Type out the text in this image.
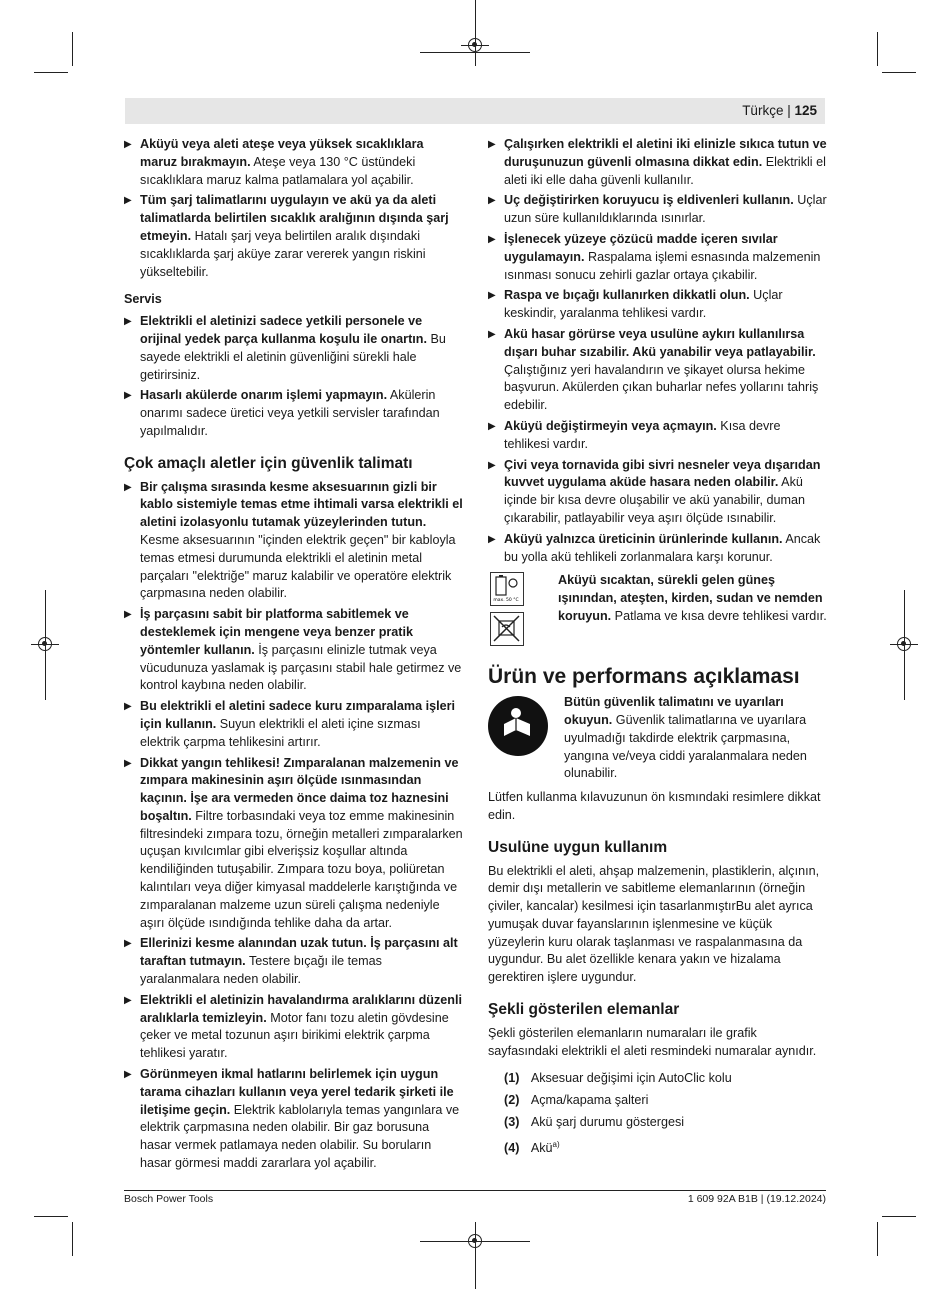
Türkçe | 125
▶ Aküyü veya aleti ateşe veya yüksek sıcaklıklara maruz bırakmayın. Ateşe veya 130 °C üstündeki sıcaklıklara maruz kalma patlamalara yol açabilir.
▶ Tüm şarj talimatlarını uygulayın ve akü ya da aleti talimatlarda belirtilen sıcaklık aralığının dışında şarj etmeyin. Hatalı şarj veya belirtilen aralık dışındaki sıcaklıklarda şarj aküye zarar vererek yangın riskini yükseltebilir.
Servis
▶ Elektrikli el aletinizi sadece yetkili personele ve orijinal yedek parça kullanma koşulu ile onartın. Bu sayede elektrikli el aletinin güvenliğini sürekli hale getirirsiniz.
▶ Hasarlı akülerde onarım işlemi yapmayın. Akülerin onarımı sadece üretici veya yetkili servisler tarafından yapılmalıdır.
Çok amaçlı aletler için güvenlik talimatı
▶ Bir çalışma sırasında kesme aksesuarının gizli bir kablo sistemiyle temas etme ihtimali varsa elektrikli el aletini izolasyonlu tutamak yüzeylerinden tutun. Kesme aksesuarının "içinden elektrik geçen" bir kabloyla temas etmesi durumunda elektrikli el aletinin metal parçaları "elektriğe" maruz kalabilir ve operatöre elektrik çarpmasına neden olabilir.
▶ İş parçasını sabit bir platforma sabitlemek ve desteklemek için mengene veya benzer pratik yöntemler kullanın. İş parçasını elinizle tutmak veya vücudunuza yaslamak iş parçasını stabil hale getirmez ve kontrol kaybına neden olabilir.
▶ Bu elektrikli el aletini sadece kuru zımparalama işleri için kullanın. Suyun elektrikli el aleti içine sızması elektrik çarpma tehlikesini artırır.
▶ Dikkat yangın tehlikesi! Zımparalanan malzemenin ve zımpara makinesinin aşırı ölçüde ısınmasından kaçının. İşe ara vermeden önce daima toz haznesini boşaltın. Filtre torbasındaki veya toz emme makinesinin filtresindeki zımpara tozu, örneğin metalleri zımparalarken uçuşan kıvılcımlar gibi elverişsiz koşullar altında kendiliğinden tutuşabilir. Zımpara tozu boya, poliüretan kalıntıları veya diğer kimyasal maddelerle karıştığında ve zımparalanan malzeme uzun süreli çalışma nedeniyle aşırı ölçüde ısındığında tehlike daha da artar.
▶ Ellerinizi kesme alanından uzak tutun. İş parçasını alt taraftan tutmayın. Testere bıçağı ile temas yaralanmalara neden olabilir.
▶ Elektrikli el aletinizin havalandırma aralıklarını düzenli aralıklarla temizleyin. Motor fanı tozu aletin gövdesine çeker ve metal tozunun aşırı birikimi elektrik çarpma tehlikesi yaratır.
▶ Görünmeyen ikmal hatlarını belirlemek için uygun tarama cihazları kullanın veya yerel tedarik şirketi ile iletişime geçin. Elektrik kablolarıyla temas yangınlara ve elektrik çarpmasına neden olabilir. Bir gaz borusuna hasar vermek patlamaya neden olabilir. Su boruların hasar görmesi maddi zararlara yol açabilir.
▶ Çalışırken elektrikli el aletini iki elinizle sıkıca tutun ve duruşunuzun güvenli olmasına dikkat edin. Elektrikli el aleti iki elle daha güvenli kullanılır.
▶ Uç değiştirirken koruyucu iş eldivenleri kullanın. Uçlar uzun süre kullanıldıklarında ısınırlar.
▶ İşlenecek yüzeye çözücü madde içeren sıvılar uygulamayın. Raspalama işlemi esnasında malzemenin ısınması sonucu zehirli gazlar ortaya çıkabilir.
▶ Raspa ve bıçağı kullanırken dikkatli olun. Uçlar keskindir, yaralanma tehlikesi vardır.
▶ Akü hasar görürse veya usulüne aykırı kullanılırsa dışarı buhar sızabilir. Akü yanabilir veya patlayabilir. Çalıştığınız yeri havalandırın ve şikayet olursa hekime başvurun. Akülerden çıkan buharlar nefes yollarını tahriş edebilir.
▶ Aküyü değiştirmeyin veya açmayın. Kısa devre tehlikesi vardır.
▶ Çivi veya tornavida gibi sivri nesneler veya dışarıdan kuvvet uygulama aküde hasara neden olabilir. Akü içinde bir kısa devre oluşabilir ve akü yanabilir, duman çıkarabilir, patlayabilir veya aşırı ölçüde ısınabilir.
▶ Aküyü yalnızca üreticinin ürünlerinde kullanın. Ancak bu yolla akü tehlikeli zorlanmalara karşı korunur.
max. 50 °C
Aküyü sıcaktan, sürekli gelen güneş ışınından, ateşten, kirden, sudan ve nemden koruyun. Patlama ve kısa devre tehlikesi vardır.
Ürün ve performans açıklaması
Bütün güvenlik talimatını ve uyarıları okuyun. Güvenlik talimatlarına ve uyarılara uyulmadığı takdirde elektrik çarpmasına, yangına ve/veya ciddi yaralanmalara neden olunabilir.

Lütfen kullanma kılavuzunun ön kısmındaki resimlere dikkat edin.

Usulüne uygun kullanım

Bu elektrikli el aleti, ahşap malzemenin, plastiklerin, alçının, demir dışı metallerin ve sabitleme elemanlarının (örneğin çiviler, kancalar) kesilmesi için tasarlanmıştırBu alet ayrıca yumuşak duvar fayanslarının işlenmesine ve küçük yüzeylerin kuru olarak taşlanması ve raspalanmasına da uygundur. Bu alet özellikle kenara yakın ve hizalama gerektiren işlere uygundur.

Şekli gösterilen elemanlar

Şekli gösterilen elemanların numaraları ile grafik sayfasındaki elektrikli el aleti resmindeki numaralar aynıdır.

(1) Aksesuar değişimi için AutoClic kolu
(2) Açma/kapama şalteri
(3) Akü şarj durumu göstergesi
(4) Akü$^{a)}$
Bosch Power Tools	1 609 92A B1B | (19.12.2024)
